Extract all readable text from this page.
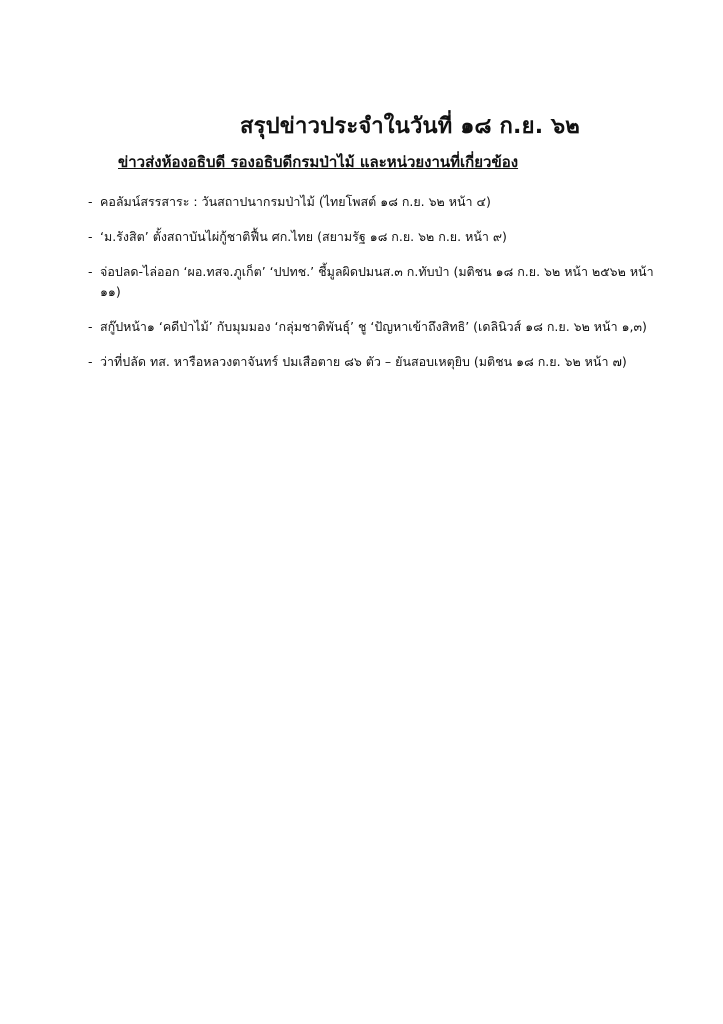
สรุปข่าวประจำในวันที่ ๑๘ ก.ย. ๖๒
ข่าวส่งห้องอธิบดี รองอธิบดีกรมป่าไม้ และหน่วยงานที่เกี่ยวข้อง
- คอลัมน์สรรสาระ : วันสถาปนากรมป่าไม้ (ไทยโพสต์ ๑๘ ก.ย. ๖๒ หน้า ๔)
- ‘ม.รังสิต’ ตั้งสถาบันไผ่กู้ชาติฟื้น ศก.ไทย (สยามรัฐ ๑๘ ก.ย. ๖๒ ก.ย. หน้า ๙)
- จ่อปลด-ไล่ออก ‘ผอ.ทสจ.ภูเก็ต’ ‘ปปทช.’ ชี้มูลผิดปมนส.๓ ก.ทับป่า (มติชน ๑๘ ก.ย. ๖๒ หน้า ๒๕๖๒ หน้า ๑๑)
- สกู๊ปหน้า๑ ‘คดีป่าไม้’ กับมุมมอง ‘กลุ่มชาติพันธุ์’ ชู ‘ปัญหาเข้าถึงสิทธิ’ (เดลินิวส์ ๑๘ ก.ย. ๖๒ หน้า ๑,๓)
- ว่าที่ปลัด ทส. หารือหลวงตาจันทร์ ปมเสือตาย ๘๖ ตัว – ยันสอบเหตุยิบ (มติชน ๑๘ ก.ย. ๖๒ หน้า ๗)
